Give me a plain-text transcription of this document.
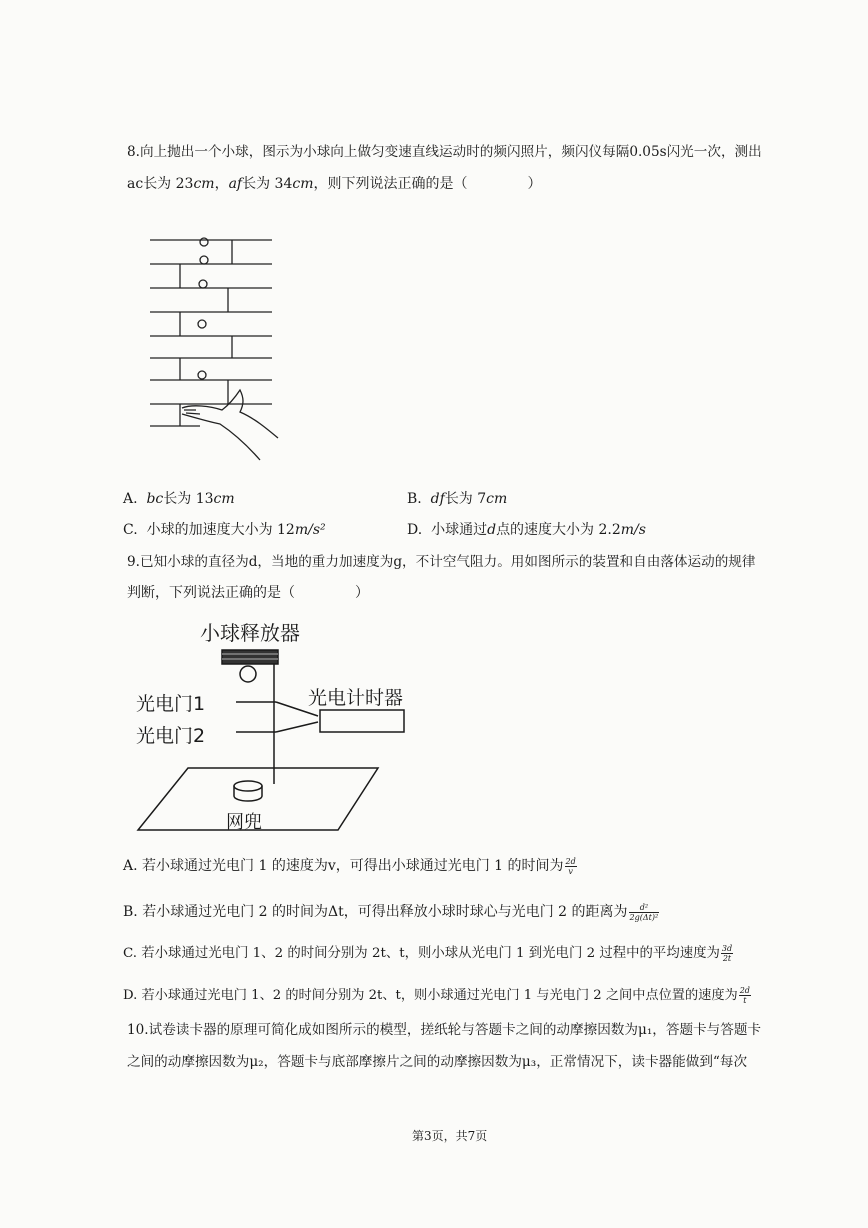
8.向上抛出一个小球，图示为小球向上做匀变速直线运动时的频闪照片，频闪仪每隔0.05s闪光一次，测出
ac长为 23cm，af长为 34cm，则下列说法正确的是（	）
A. bc长为 13cm	B. df长为 7cm
C. 小球的加速度大小为 12m/s²	D. 小球通过d点的速度大小为 2.2m/s
9.已知小球的直径为d，当地的重力加速度为g，不计空气阻力。用如图所示的装置和自由落体运动的规律
判断，下列说法正确的是（	）
小球释放器
光电门1
光电门2
光电计时器
网兜
A. 若小球通过光电门 1 的速度为v，可得出小球通过光电门 1 的时间为 $\frac{2d}{v}$
B. 若小球通过光电门 2 的时间为Δt，可得出释放小球时球心与光电门 2 的距离为 $\frac{\text{d²}}{\text{2g(Δt)²}}$
C. 若小球通过光电门 1、2 的时间分别为 2t、t，则小球从光电门 1 到光电门 2 过程中的平均速度为 $\frac{3d}{2t}$
D. 若小球通过光电门 1、2 的时间分别为 2t、t，则小球通过光电门 1 与光电门 2 之间中点位置的速度为 $\frac{2d}{t}$
10.试卷读卡器的原理可简化成如图所示的模型，搓纸轮与答题卡之间的动摩擦因数为μ₁，答题卡与答题卡
之间的动摩擦因数为μ₂，答题卡与底部摩擦片之间的动摩擦因数为μ₃，正常情况下，读卡器能做到“每次
第3页，共7页
